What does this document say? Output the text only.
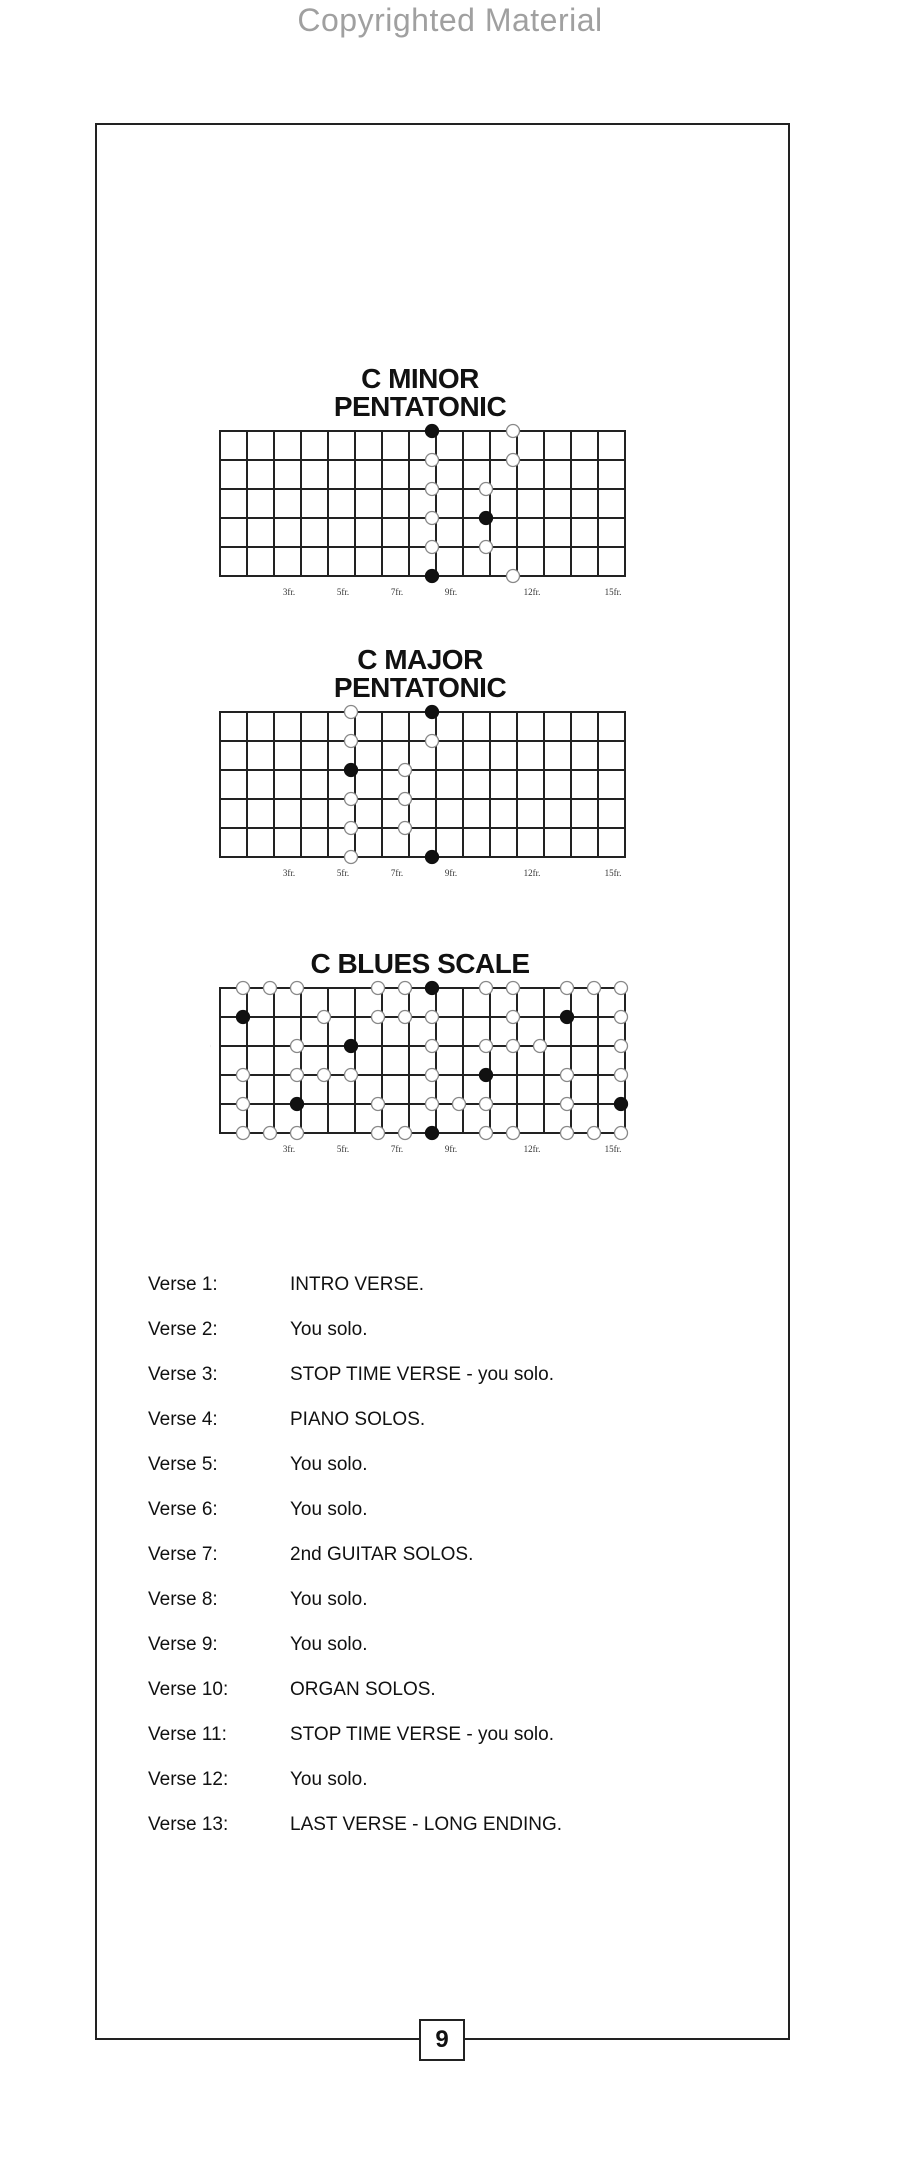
Copyrighted Material
C MINOR
PENTATONIC
3fr.	5fr.	7fr.	9fr.	12fr.	15fr.
C MAJOR
PENTATONIC
3fr.	5fr.	7fr.	9fr.	12fr.	15fr.
C BLUES SCALE
3fr.	5fr.	7fr.	9fr.	12fr.	15fr.
Verse 1:	INTRO VERSE.
Verse 2:	You solo.
Verse 3:	STOP TIME VERSE - you solo.
Verse 4:	PIANO SOLOS.
Verse 5:	You solo.
Verse 6:	You solo.
Verse 7:	2nd GUITAR SOLOS.
Verse 8:	You solo.
Verse 9:	You solo.
Verse 10:	ORGAN SOLOS.
Verse 11:	STOP TIME VERSE - you solo.
Verse 12:	You solo.
Verse 13:	LAST VERSE - LONG ENDING.
9
